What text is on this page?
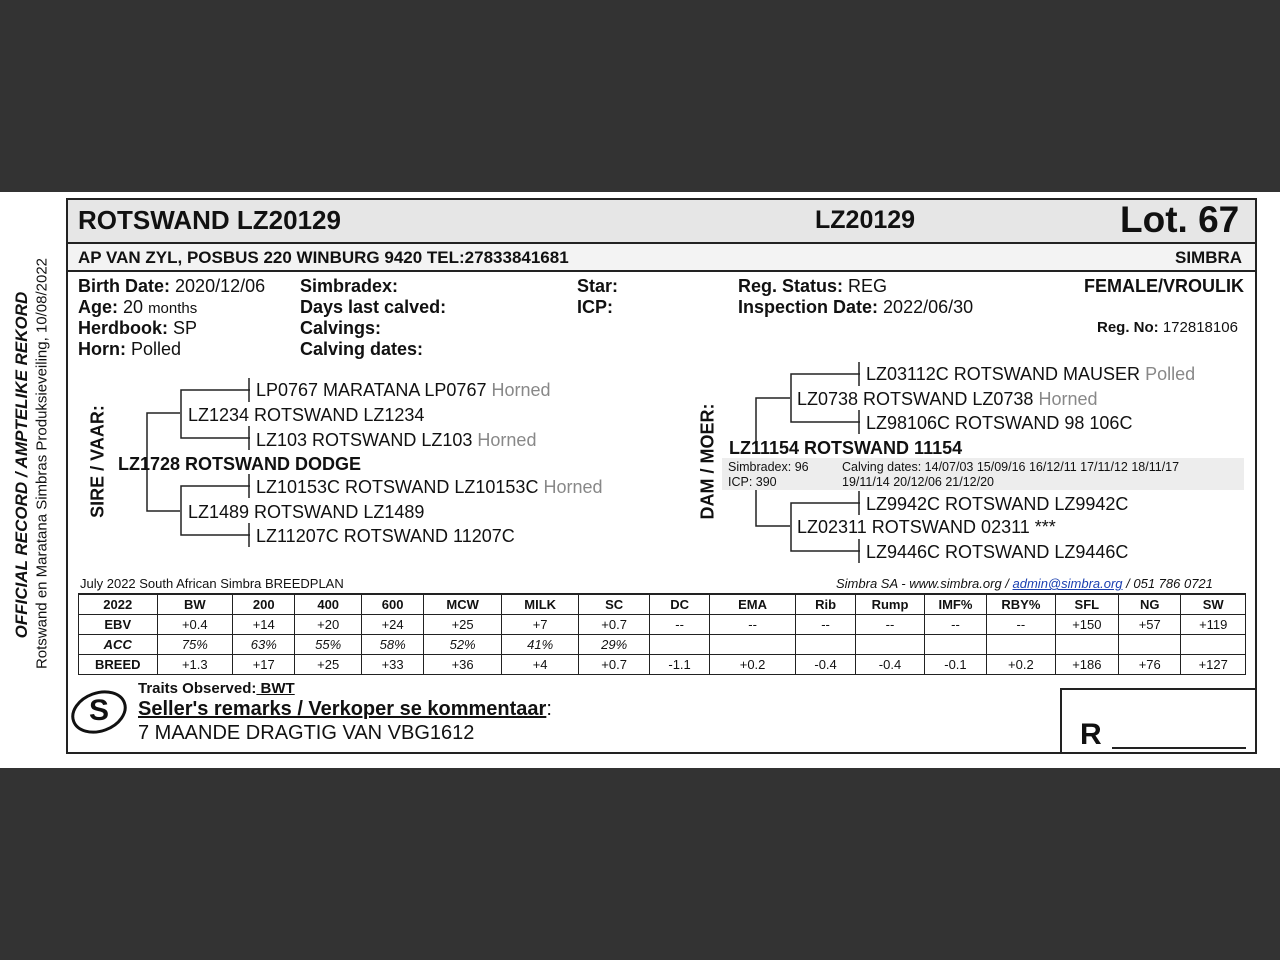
OFFICIAL RECORD / AMPTELIKE REKORD Rotswand en Maratana Simbras Produksieveiling, 10/08/2022
ROTSWAND LZ20129	LZ20129	Lot. 67
AP VAN ZYL, POSBUS 220 WINBURG 9420 TEL:27833841681	SIMBRA
Birth Date: 2020/12/06
Age: 20 months
Herdbook: SP
Horn: Polled
Simbradex:
Days last calved:
Calvings:
Calving dates:
Star:
ICP:
Reg. Status: REG
Inspection Date: 2022/06/30
FEMALE/VROULIK
Reg. No: 172818106
SIRE / VAAR: LZ1728 ROTSWAND DODGE
LZ1234 ROTSWAND LZ1234
LP0767 MARATANA LP0767 Horned
LZ103 ROTSWAND LZ103 Horned
LZ1489 ROTSWAND LZ1489
LZ10153C ROTSWAND LZ10153C Horned
LZ11207C ROTSWAND 11207C
DAM / MOER: LZ11154 ROTSWAND 11154
Simbradex: 96
ICP: 390
Calving dates: 14/07/03 15/09/16 16/12/11 17/11/12 18/11/17
19/11/14 20/12/06 21/12/20
LZ0738 ROTSWAND LZ0738 Horned
LZ03112C ROTSWAND MAUSER Polled
LZ98106C ROTSWAND 98 106C
LZ02311 ROTSWAND 02311 ***
LZ9942C ROTSWAND LZ9942C
LZ9446C ROTSWAND LZ9446C
July 2022 South African Simbra BREEDPLAN	Simbra SA - www.simbra.org / admin@simbra.org / 051 786 0721
2022	BW	200	400	600	MCW	MILK	SC	DC	EMA	Rib	Rump	IMF%	RBY%	SFL	NG	SW
EBV	+0.4	+14	+20	+24	+25	+7	+0.7	--	--	--	--	--	--	+150	+57	+119
ACC	75%	63%	55%	58%	52%	41%	29%									
BREED	+1.3	+17	+25	+33	+36	+4	+0.7	-1.1	+0.2	-0.4	-0.4	-0.1	+0.2	+186	+76	+127
S
Traits Observed: BWT
Seller's remarks / Verkoper se kommentaar:
7 MAANDE DRAGTIG VAN VBG1612	R
